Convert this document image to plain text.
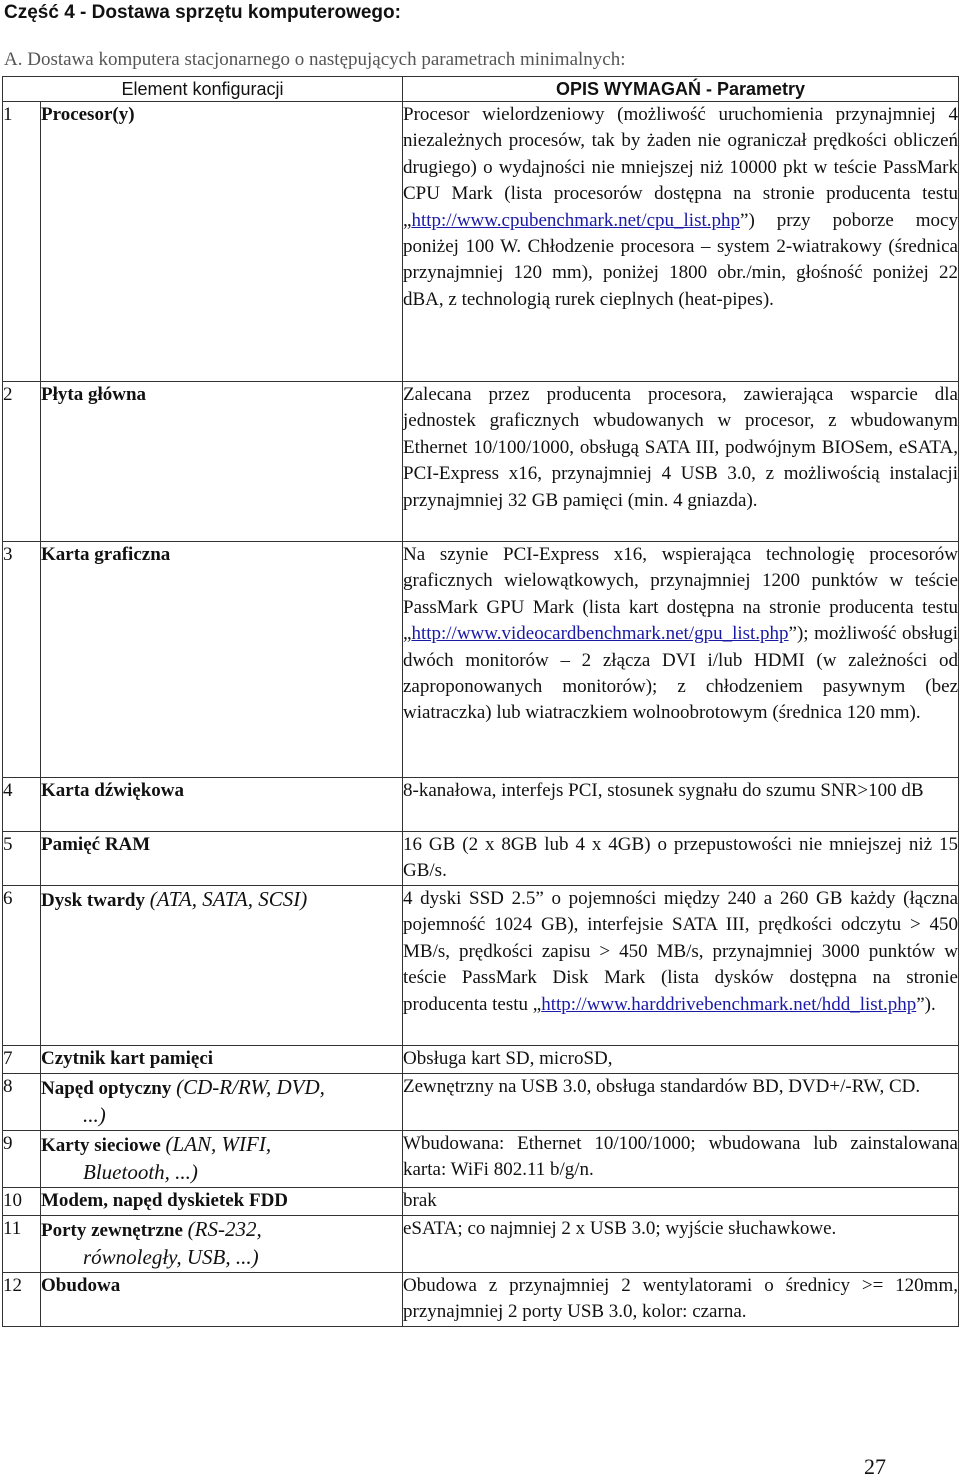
Część 4 - Dostawa sprzętu komputerowego:
A. Dostawa komputera stacjonarnego o następujących parametrach minimalnych:
Element konfiguracji		OPIS WYMAGAŃ - Parametry
1	Procesor(y)	Procesor wielordzeniowy (możliwość uruchomienia przynajmniej 4 niezależnych procesów, tak by żaden nie ograniczał prędkości obliczeń drugiego) o wydajności nie mniejszej niż 10000 pkt w teście PassMark CPU Mark (lista procesorów dostępna na stronie producenta testu „http://www.cpubenchmark.net/cpu_list.php”) przy poborze mocy poniżej 100 W. Chłodzenie procesora – system 2-wiatrakowy (średnica przynajmniej 120 mm), poniżej 1800 obr./min, głośność poniżej 22 dBA, z technologią rurek cieplnych (heat-pipes).
2	Płyta główna	Zalecana przez producenta procesora, zawierająca wsparcie dla jednostek graficznych wbudowanych w procesor, z wbudowanym Ethernet 10/100/1000, obsługą SATA III, podwójnym BIOSem, eSATA, PCI-Express x16, przynajmniej 4 USB 3.0, z możliwością instalacji przynajmniej 32 GB pamięci (min. 4 gniazda).
3	Karta graficzna	Na szynie PCI-Express x16, wspierająca technologię procesorów graficznych wielowątkowych, przynajmniej 1200 punktów w teście PassMark GPU Mark (lista kart dostępna na stronie producenta testu „http://www.videocardbenchmark.net/gpu_list.php”); możliwość obsługi dwóch monitorów – 2 złącza DVI i/lub HDMI (w zależności od zaproponowanych monitorów); z chłodzeniem pasywnym (bez wiatraczka) lub wiatraczkiem wolnoobrotowym (średnica 120 mm).
4	Karta dźwiękowa	8-kanałowa, interfejs PCI, stosunek sygnału do szumu SNR>100 dB
5	Pamięć RAM	16 GB (2 x 8GB lub 4 x 4GB) o przepustowości nie mniejszej niż 15 GB/s.
6	Dysk twardy (ATA, SATA, SCSI)	4 dyski SSD 2.5” o pojemności między 240 a 260 GB każdy (łączna pojemność 1024 GB), interfejsie SATA III, prędkości odczytu > 450 MB/s, prędkości zapisu > 450 MB/s, przynajmniej 3000 punktów w teście PassMark Disk Mark (lista dysków dostępna na stronie producenta testu „http://www.harddrivebenchmark.net/hdd_list.php”).
7	Czytnik kart pamięci	Obsługa kart SD, microSD,
8	Napęd optyczny (CD-R/RW, DVD,
...)	Zewnętrzny na USB 3.0, obsługa standardów BD, DVD+/-RW, CD.
9	Karty sieciowe (LAN, WIFI,
Bluetooth, ...)	Wbudowana: Ethernet 10/100/1000; wbudowana lub zainstalowana karta: WiFi 802.11 b/g/n.
10	Modem, napęd dyskietek FDD	brak
11	Porty zewnętrzne (RS-232,
równoległy, USB, ...)	eSATA; co najmniej 2 x USB 3.0; wyjście słuchawkowe.
12	Obudowa	Obudowa z przynajmniej 2 wentylatorami o średnicy >= 120mm, przynajmniej 2 porty USB 3.0, kolor: czarna.
27
